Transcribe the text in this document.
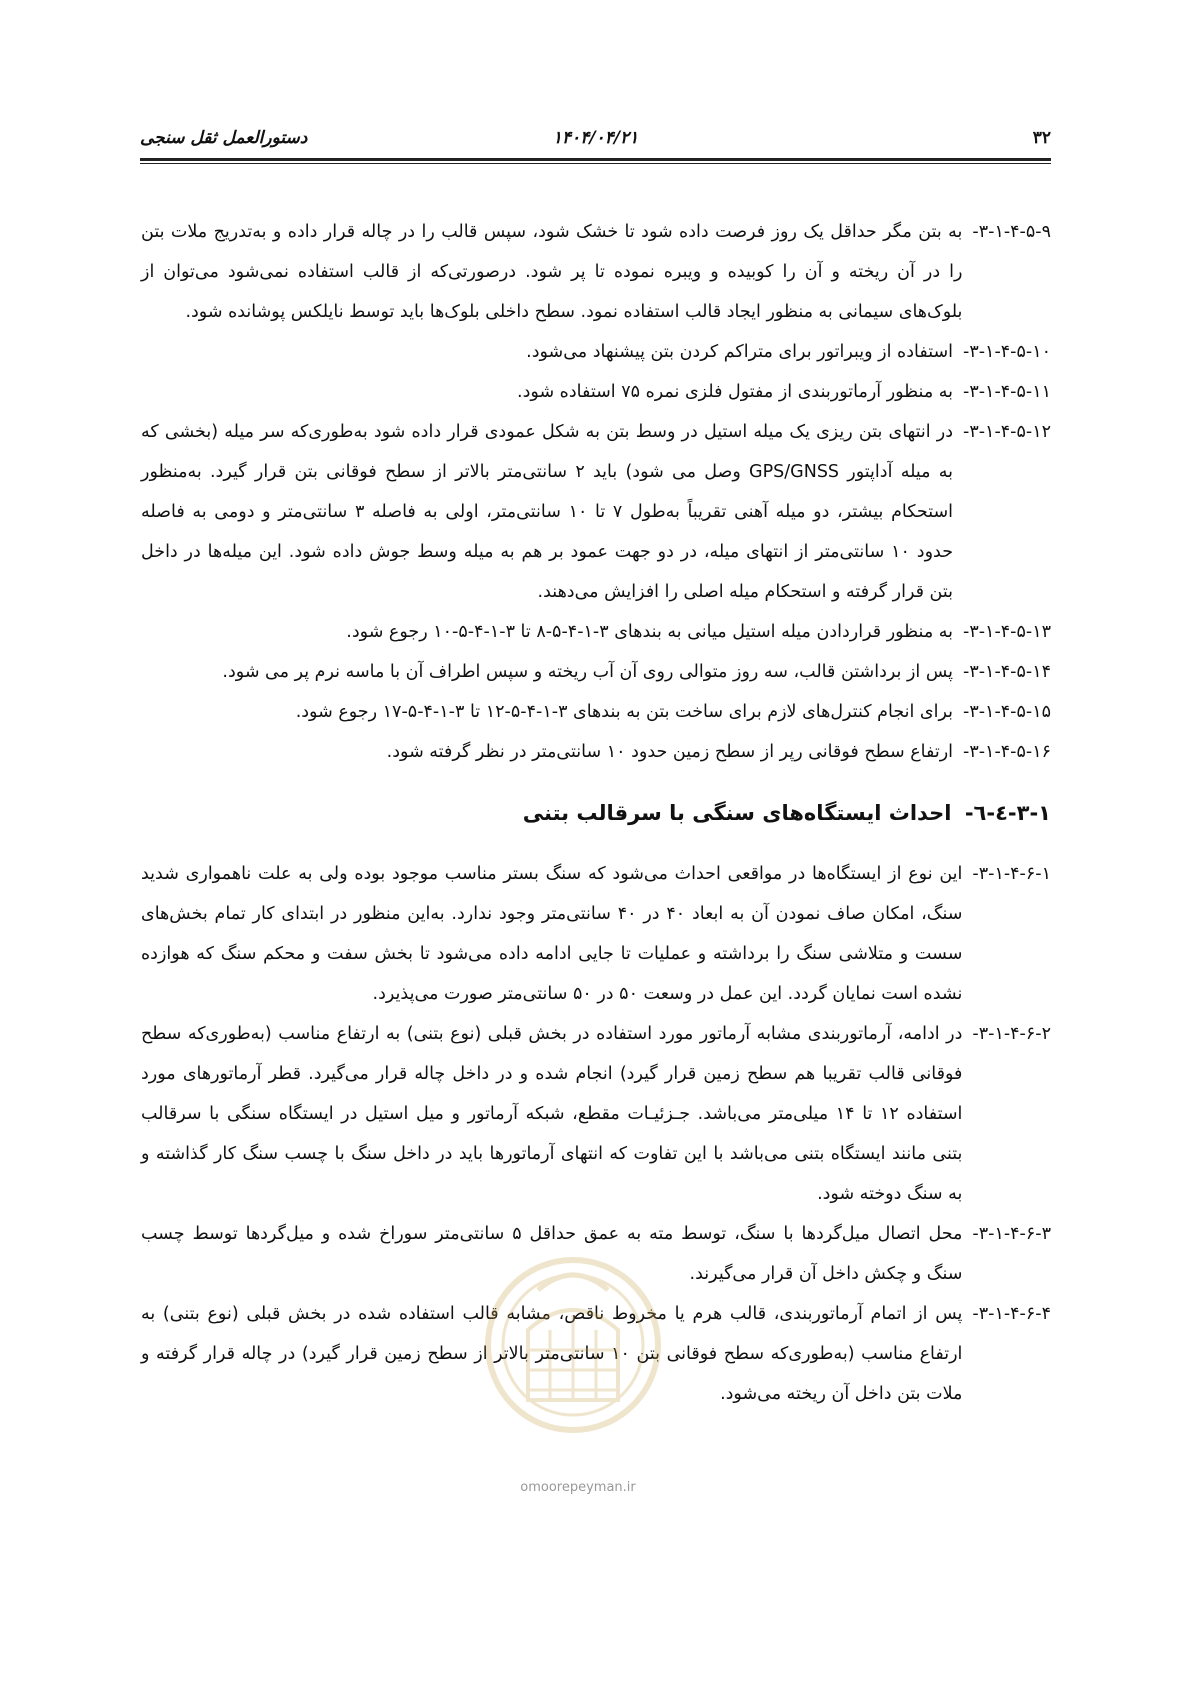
۳۲
۱۴۰۴/۰۴/۲۱
دستورالعمل ثقل سنجی
۳-۱-۴-۵-۹-
به بتن مگر حداقل یک روز فرصت داده شود تا خشک شود، سپس قالب را در چاله قرار داده و به‌تدریج ملات بتن را در آن ریخته و آن را کوبیده و ویبره نموده تا پر شود. درصورتی‌که از قالب استفاده نمی‌شود می‌توان از بلوک‌های سیمانی به منظور ایجاد قالب استفاده نمود. سطح داخلی بلوک‌ها باید توسط نایلکس پوشانده شود.
۳-۱-۴-۵-۱۰-
استفاده از ویبراتور برای متراکم کردن بتن پیشنهاد می‌شود.
۳-۱-۴-۵-۱۱-
به منظور آرماتوربندی از مفتول فلزی نمره ۷۵ استفاده شود.
۳-۱-۴-۵-۱۲-
در انتهای بتن ریزی یک میله استیل در وسط بتن به شکل عمودی قرار داده شود به‌طوری‌که سر میله (بخشی که به میله آداپتور GPS/GNSS وصل می شود) باید ۲ سانتی‌متر بالاتر از سطح فوقانی بتن قرار گیرد. به‌منظور استحکام بیشتر، دو میله آهنی تقریباً به‌طول ۷ تا ۱۰ سانتی‌متر، اولی به فاصله ۳ سانتی‌متر و دومی به فاصله حدود ۱۰ سانتی‌متر از انتهای میله، در دو جهت عمود بر هم به میله وسط جوش داده شود. این میله‌ها در داخل بتن قرار گرفته و استحکام میله اصلی را افزایش می‌دهند.
۳-۱-۴-۵-۱۳-
به منظور قراردادن میله استیل میانی به بندهای ۳-۱-۴-۵-۸ تا ۳-۱-۴-۵-۱۰ رجوع شود.
۳-۱-۴-۵-۱۴-
پس از برداشتن قالب، سه روز متوالی روی آن آب ریخته و سپس اطراف آن با ماسه نرم پر می شود.
۳-۱-۴-۵-۱۵-
برای انجام کنترل‌های لازم برای ساخت بتن به بندهای ۳-۱-۴-۵-۱۲ تا ۳-۱-۴-۵-۱۷ رجوع شود.
۳-۱-۴-۵-۱۶-
ارتفاع سطح فوقانی رپر از سطح زمین حدود ۱۰ سانتی‌متر در نظر گرفته شود.
۳-۱-٤-٦- احداث ایستگاه‌های سنگی با سرقالب بتنی
۳-۱-۴-۶-۱-
این نوع از ایستگاه‌ها در مواقعی احداث می‌شود که سنگ بستر مناسب موجود بوده ولی به علت ناهمواری شدید سنگ، امکان صاف نمودن آن به ابعاد ۴۰ در ۴۰ سانتی‌متر وجود ندارد. به‌این منظور در ابتدای کار تمام بخش‌های سست و متلاشی سنگ را برداشته و عملیات تا جایی ادامه داده می‌شود تا بخش سفت و محکم سنگ که هوازده نشده است نمایان گردد. این عمل در وسعت ۵۰ در ۵۰ سانتی‌متر صورت می‌پذیرد.
۳-۱-۴-۶-۲-
در ادامه، آرماتوربندی مشابه آرماتور مورد استفاده در بخش قبلی (نوع بتنی) به ارتفاع مناسب (به‌طوری‌که سطح فوقانی قالب تقریبا هم سطح زمین قرار گیرد) انجام شده و در داخل چاله قرار می‌گیرد. قطر آرماتورهای مورد استفاده ۱۲ تا ۱۴ میلی‌متر می‌باشد. جـزئیـات مقطع، شبکه آرماتور و میل استیل در ایستگاه سنگی با سرقالب بتنی مانند ایستگاه بتنی می‌باشد با این تفاوت که انتهای آرماتورها باید در داخل سنگ با چسب سنگ کار گذاشته و به سنگ دوخته شود.
۳-۱-۴-۶-۳-
محل اتصال میل‌گردها با سنگ، توسط مته به عمق حداقل ۵ سانتی‌متر سوراخ شده و میل‌گردها توسط چسب سنگ و چکش داخل آن قرار می‌گیرند.
۳-۱-۴-۶-۴-
پس از اتمام آرماتوربندی، قالب هرم یا مخروط ناقص، مشابه قالب استفاده شده در بخش قبلی (نوع بتنی) به ارتفاع مناسب (به‌طوری‌که سطح فوقانی بتن ۱۰ سانتی‌متر بالاتر از سطح زمین قرار گیرد) در چاله قرار گرفته و ملات بتن داخل آن ریخته می‌شود.
omoorepeyman.ir
